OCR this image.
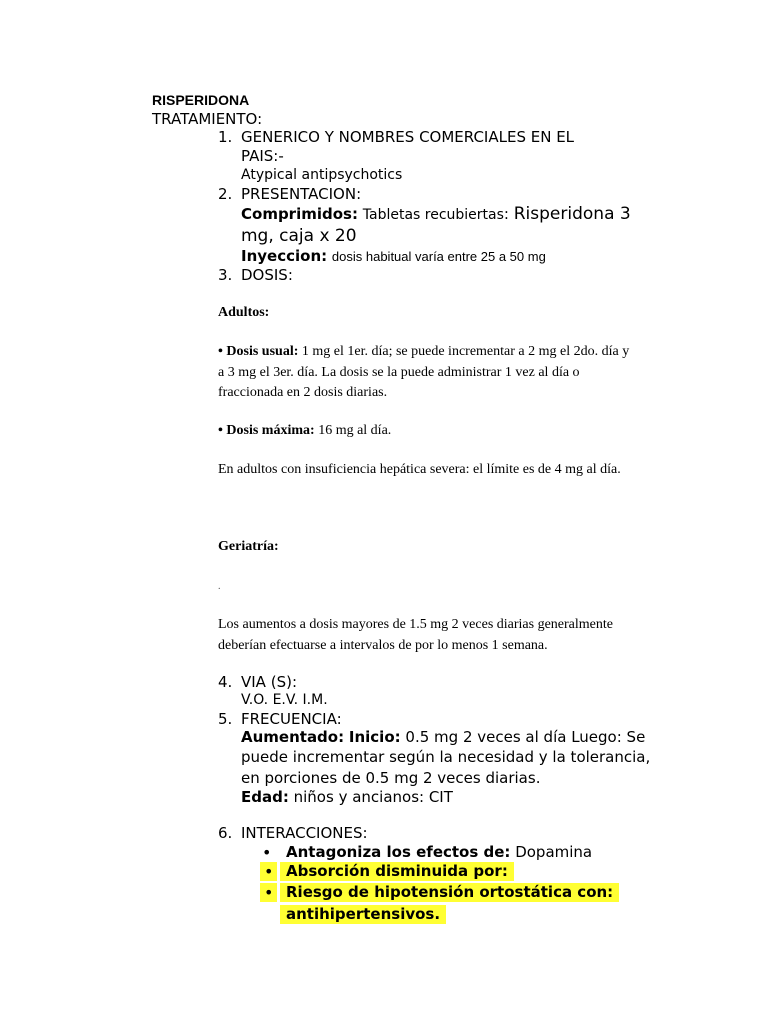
RISPERIDONA
TRATAMIENTO:
1. GENERICO Y NOMBRES COMERCIALES EN EL
PAIS:-
Atypical antipsychotics
2. PRESENTACION:
Comprimidos: Tabletas recubiertas: Risperidona 3
mg, caja x 20
Inyeccion: dosis habitual varía entre 25 a 50 mg
3. DOSIS:
Adultos:
• Dosis usual: 1 mg el 1er. día; se puede incrementar a 2 mg el 2do. día y
a 3 mg el 3er. día. La dosis se la puede administrar 1 vez al día o
fraccionada en 2 dosis diarias.
• Dosis máxima: 16 mg al día.
En adultos con insuficiencia hepática severa: el límite es de 4 mg al día.
Geriatría:
.
Los aumentos a dosis mayores de 1.5 mg 2 veces diarias generalmente
deberían efectuarse a intervalos de por lo menos 1 semana.
4. VIA (S):
V.O. E.V. I.M.
5. FRECUENCIA:
Aumentado: Inicio: 0.5 mg 2 veces al día Luego: Se
puede incrementar según la necesidad y la tolerancia,
en porciones de 0.5 mg 2 veces diarias.
Edad: niños y ancianos: CIT
6. INTERACCIONES:
• Antagoniza los efectos de: Dopamina
• Absorción disminuida por:
• Riesgo de hipotensión ortostática con:
antihipertensivos.
